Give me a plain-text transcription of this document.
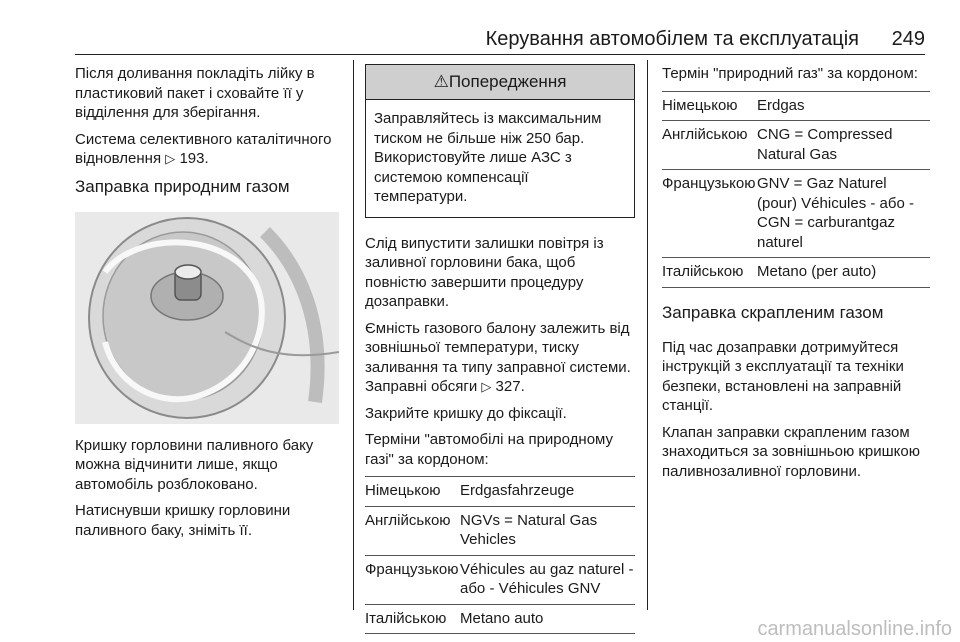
Керування автомобілем та експлуатація 249

Після доливання покладіть лійку в пластиковий пакет і сховайте її у відділення для зберігання.

Система селективного каталітичного відновлення ▷ 193.

Заправка природним газом

Кришку горловини паливного баку можна відчинити лише, якщо автомобіль розблоковано.

Натиснувши кришку горловини паливного баку, зніміть її.

⚠Попередження
Заправляйтесь із максимальним тиском не більше ніж 250 бар. Використовуйте лише АЗС з системою компенсації температури.

Слід випустити залишки повітря із заливної горловини бака, щоб повністю завершити процедуру дозаправки.

Ємність газового балону залежить від зовнішньої температури, тиску заливання та типу заправної системи. Заправні обсяги ▷ 327.

Закрийте кришку до фіксації.

Терміни "автомобілі на природному газі" за кордоном:

Німецькою	Erdgasfahrzeuge
Англійською NGVs = Natural Gas Vehicles
Французькою Véhicules au gaz naturel - або - Véhicules GNV
Італійською Metano auto

Термін "природний газ" за кордоном:

Німецькою	Erdgas
Англійською CNG = Compressed Natural Gas
Французькою GNV = Gaz Naturel (pour) Véhicules - або - CGN = carburantgaz naturel
Італійською Metano (per auto)
Заправка скрапленим газом

Під час дозаправки дотримуйтеся інструкцій з експлуатації та техніки безпеки, встановлені на заправній станції.

Клапан заправки скрапленим газом знаходиться за зовнішньою кришкою паливнозаливної горловини.

carmanualsonline.info
